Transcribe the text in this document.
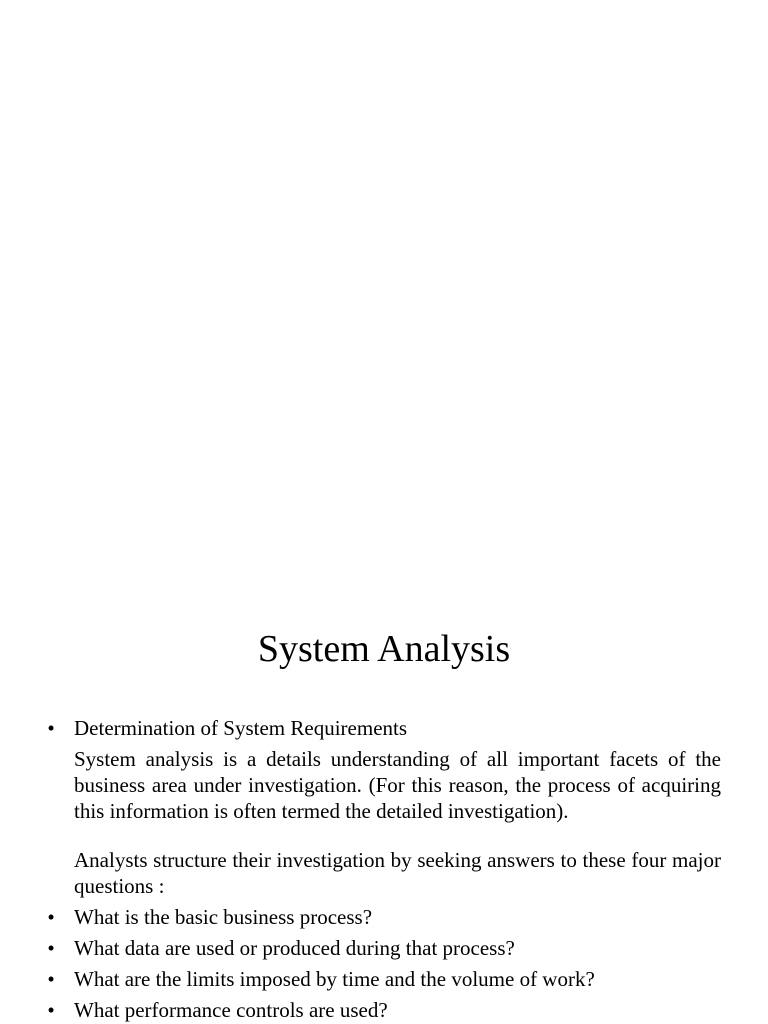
System Analysis
• Determination of System Requirements

System analysis is a details understanding of all important facets of the business area under investigation. (For this reason, the process of acquiring this information is often termed the detailed investigation).

Analysts structure their investigation by seeking answers to these four major questions :

• What is the basic business process?
• What data are used or produced during that process?
• What are the limits imposed by time and the volume of work?
• What performance controls are used?
